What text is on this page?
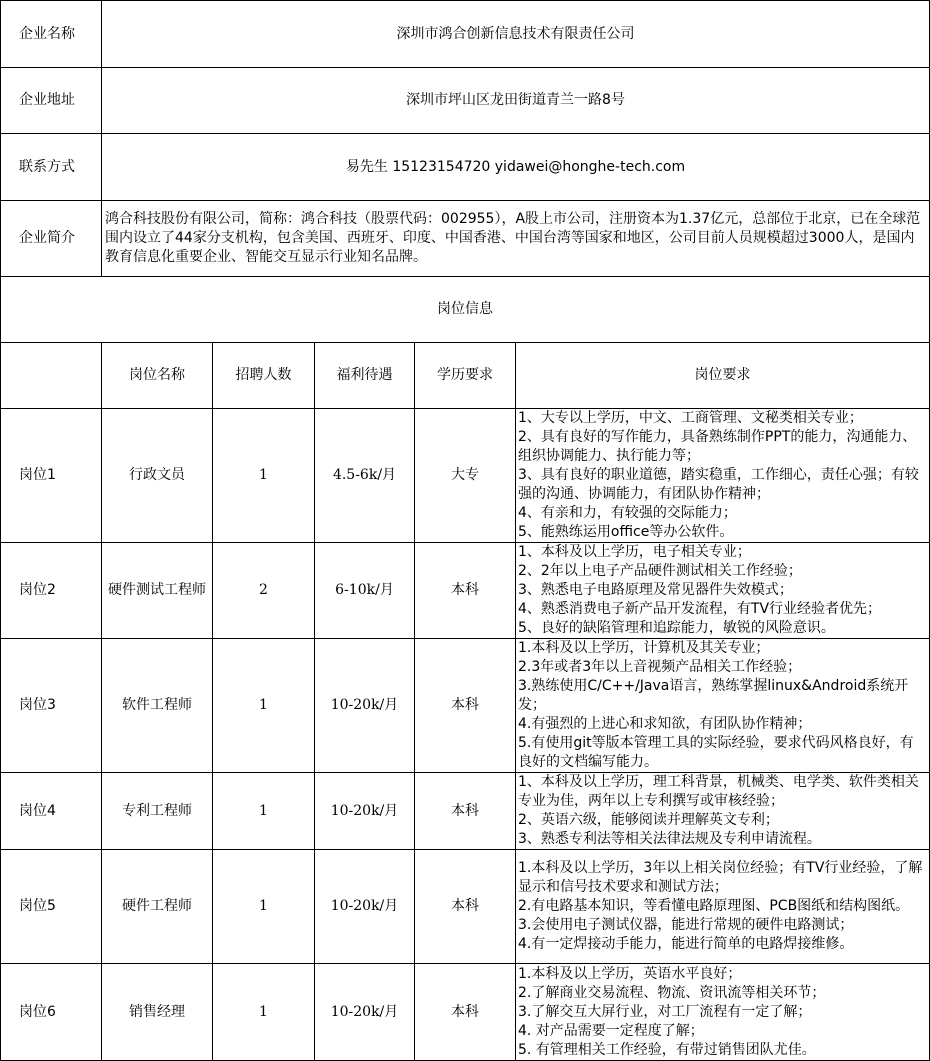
企业名称	深圳市鸿合创新信息技术有限责任公司				
企业地址	深圳市坪山区龙田街道青兰一路8号				
联系方式	易先生 15123154720 yidawei@honghe-tech.com				
企业简介	鸿合科技股份有限公司，简称：鸿合科技（股票代码：002955），A股上市公司，注册资本为1.37亿元，总部位于北京，已在全球范围内设立了44家分支机构，包含美国、西班牙、印度、中国香港、中国台湾等国家和地区，公司目前人员规模超过3000人，是国内教育信息化重要企业、智能交互显示行业知名品牌。				
岗位信息					
	岗位名称	招聘人数	福利待遇	学历要求	岗位要求
岗位1	行政文员	1	4.5-6k/月	大专	1、大专以上学历，中文、工商管理、文秘类相关专业；
2、具有良好的写作能力，具备熟练制作PPT的能力，沟通能力、组织协调能力、执行能力等；
3、具有良好的职业道德，踏实稳重，工作细心，责任心强；有较强的沟通、协调能力，有团队协作精神；
4、有亲和力，有较强的交际能力；
5、能熟练运用office等办公软件。

岗位2	硬件测试工程师	2	6-10k/月	本科	1、本科及以上学历，电子相关专业；
2、2年以上电子产品硬件测试相关工作经验；
3、熟悉电子电路原理及常见器件失效模式；
4、熟悉消费电子新产品开发流程，有TV行业经验者优先；
5、良好的缺陷管理和追踪能力，敏锐的风险意识。

岗位3	软件工程师	1	10-20k/月	本科	1.本科及以上学历，计算机及其关专业；
2.3年或者3年以上音视频产品相关工作经验；
3.熟练使用C/C++/Java语言，熟练掌握linux&Android系统开发；
4.有强烈的上进心和求知欲，有团队协作精神；
5.有使用git等版本管理工具的实际经验，要求代码风格良好，有良好的文档编写能力。

岗位4	专利工程师	1	10-20k/月	本科	1、本科及以上学历，理工科背景，机械类、电学类、软件类相关专业为佳，两年以上专利撰写或审核经验；
2、英语六级，能够阅读并理解英文专利；
3、熟悉专利法等相关法律法规及专利申请流程。

岗位5	硬件工程师	1	10-20k/月	本科	1.本科及以上学历，3年以上相关岗位经验；有TV行业经验，了解显示和信号技术要求和测试方法；
2.有电路基本知识，等看懂电路原理图、PCB图纸和结构图纸。
3.会使用电子测试仪器，能进行常规的硬件电路测试；
4.有一定焊接动手能力，能进行简单的电路焊接维修。

岗位6	销售经理	1	10-20k/月	本科	1.本科及以上学历，英语水平良好；
2.了解商业交易流程、物流、资讯流等相关环节；
3.了解交互大屏行业，对工厂流程有一定了解；
4. 对产品需要一定程度了解；
5. 有管理相关工作经验，有带过销售团队尤佳。
